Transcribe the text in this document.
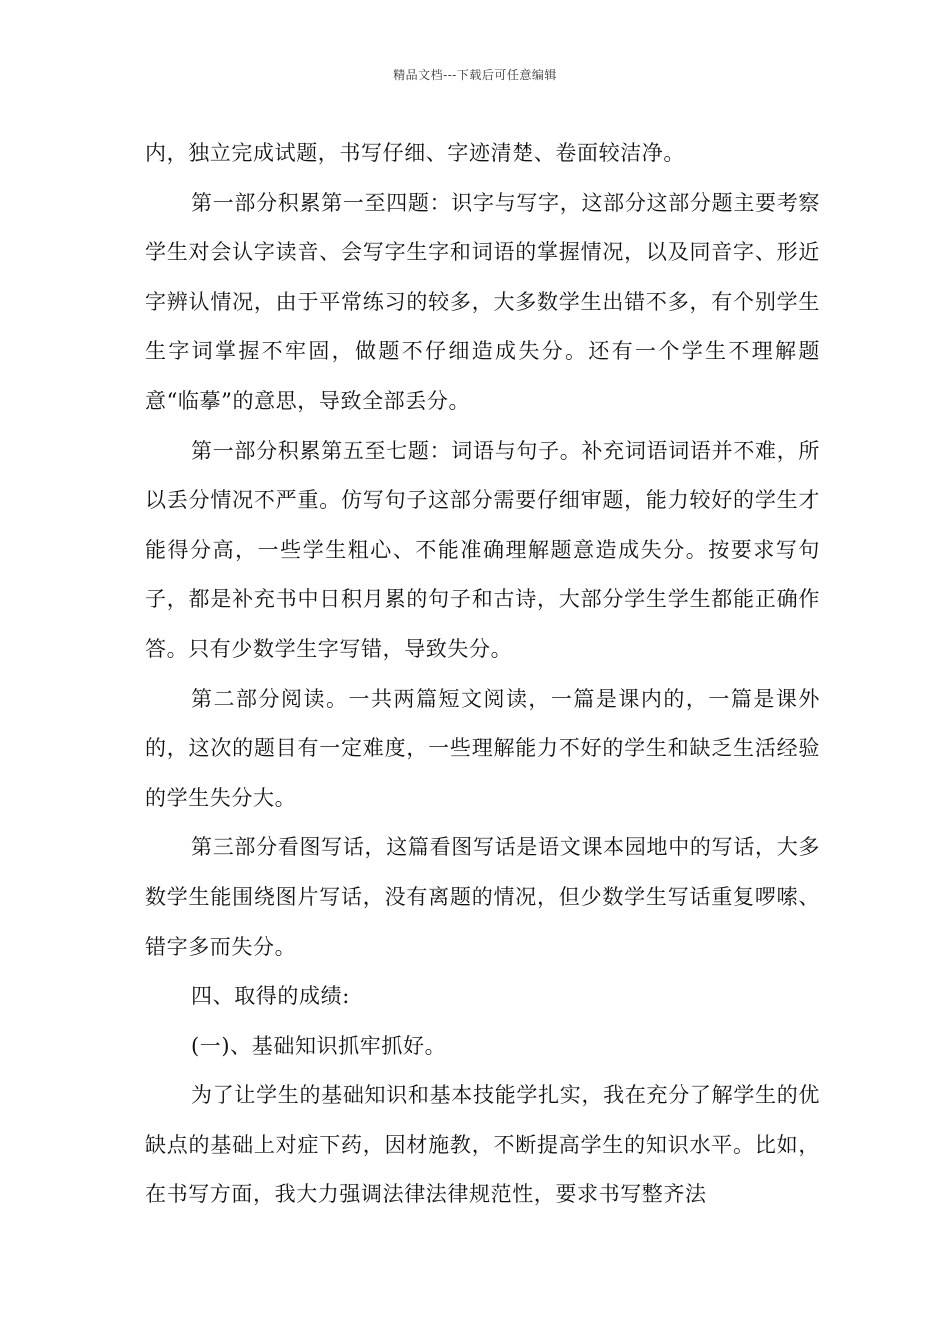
精品文档---下载后可任意编辑

内，独立完成试题，书写仔细、字迹清楚、卷面较洁净。

第一部分积累第一至四题：识字与写字，这部分这部分题主要考察学生对会认字读音、会写字生字和词语的掌握情况，以及同音字、形近字辨认情况，由于平常练习的较多，大多数学生出错不多，有个别学生生字词掌握不牢固，做题不仔细造成失分。还有一个学生不理解题意“临摹”的意思，导致全部丢分。

第一部分积累第五至七题：词语与句子。补充词语词语并不难，所以丢分情况不严重。仿写句子这部分需要仔细审题，能力较好的学生才能得分高，一些学生粗心、不能准确理解题意造成失分。按要求写句子，都是补充书中日积月累的句子和古诗，大部分学生学生都能正确作答。只有少数学生字写错，导致失分。

第二部分阅读。一共两篇短文阅读，一篇是课内的，一篇是课外的，这次的题目有一定难度，一些理解能力不好的学生和缺乏生活经验的学生失分大。

第三部分看图写话，这篇看图写话是语文课本园地中的写话，大多数学生能围绕图片写话，没有离题的情况，但少数学生写话重复啰嗦、错字多而失分。

四、取得的成绩:

(一)、基础知识抓牢抓好。

为了让学生的基础知识和基本技能学扎实，我在充分了解学生的优缺点的基础上对症下药，因材施教，不断提高学生的知识水平。比如，在书写方面，我大力强调法律法律规范性，要求书写整齐法
